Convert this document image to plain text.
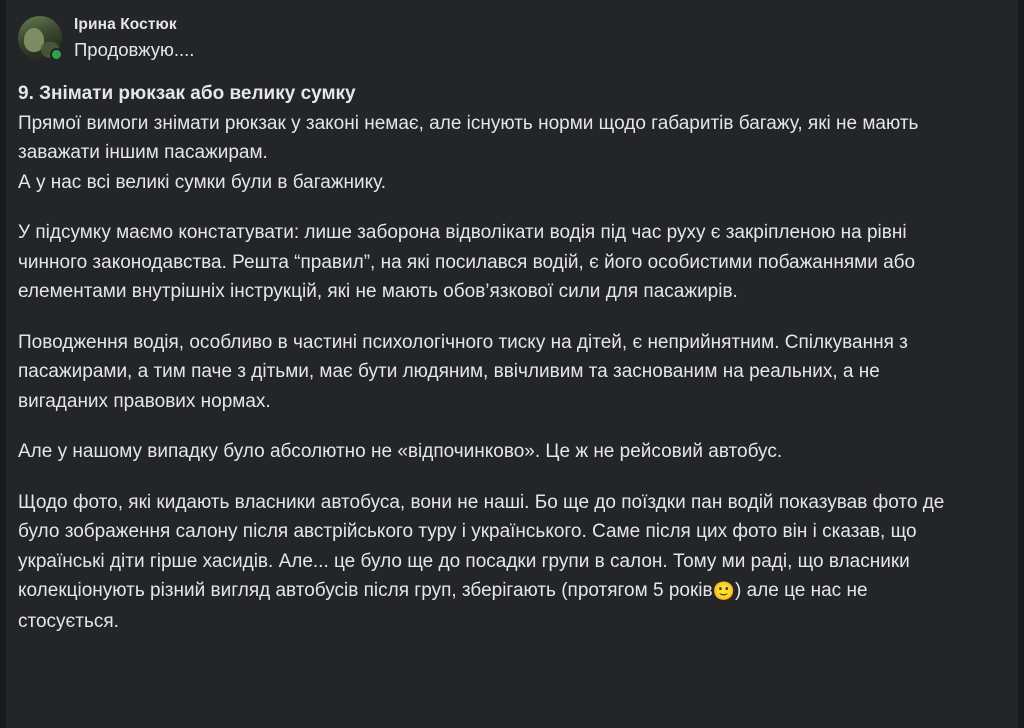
Ірина Костюк
Продовжую....
9. Знімати рюкзак або велику сумку
Прямої вимоги знімати рюкзак у законі немає, але існують норми щодо габаритів багажу, які не мають заважати іншим пасажирам.
А у нас всі великі сумки були в багажнику.

У підсумку маємо констатувати: лише заборона відволікати водія під час руху є закріпленою на рівні чинного законодавства. Решта “правил”, на які посилався водій, є його особистими побажаннями або елементами внутрішніх інструкцій, які не мають обов’язкової сили для пасажирів.

Поводження водія, особливо в частині психологічного тиску на дітей, є неприйнятним. Спілкування з пасажирами, а тим паче з дітьми, має бути людяним, ввічливим та заснованим на реальних, а не вигаданих правових нормах.

Але у нашому випадку було абсолютно не «відпочинково». Це ж не рейсовий автобус.

Щодо фото, які кидають власники автобуса, вони не наші. Бо ще до поїздки пан водій показував фото де було зображення салону після австрійського туру і українського. Саме після цих фото він і сказав, що українські діти гірше хасидів. Але... це було ще до посадки групи в салон. Тому ми раді, що власники колекціонують різний вигляд автобусів після груп, зберігають (протягом 5 років🙂) але це нас не стосується.
